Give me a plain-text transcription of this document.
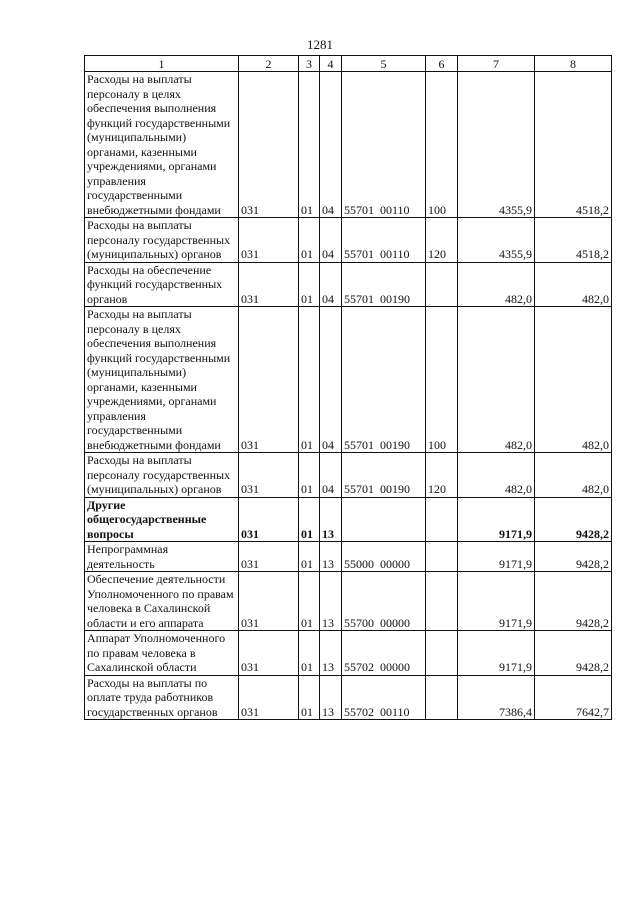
1281
1	2	3	4	5	6	7	8
Расходы на выплаты персоналу в целях обеспечения выполнения функций государственными (муниципальными) органами, казенными учреждениями, органами управления государственными внебюджетными фондами	031	01	04	55701 00110	100	4355,9	4518,2
Расходы на выплаты персоналу государственных (муниципальных) органов	031	01	04	55701 00110	120	4355,9	4518,2
Расходы на обеспечение функций государственных органов	031	01	04	55701 00190		482,0	482,0
Расходы на выплаты персоналу в целях обеспечения выполнения функций государственными (муниципальными) органами, казенными учреждениями, органами управления государственными внебюджетными фондами	031	01	04	55701 00190	100	482,0	482,0
Расходы на выплаты персоналу государственных (муниципальных) органов	031	01	04	55701 00190	120	482,0	482,0
Другие общегосударственные вопросы	031	01	13			9171,9	9428,2
Непрограммная деятельность	031	01	13	55000 00000		9171,9	9428,2
Обеспечение деятельности Уполномоченного по правам человека в Сахалинской области и его аппарата	031	01	13	55700 00000		9171,9	9428,2
Аппарат Уполномоченного по правам человека в Сахалинской области	031	01	13	55702 00000		9171,9	9428,2
Расходы на выплаты по оплате труда работников государственных органов	031	01	13	55702 00110		7386,4	7642,7
